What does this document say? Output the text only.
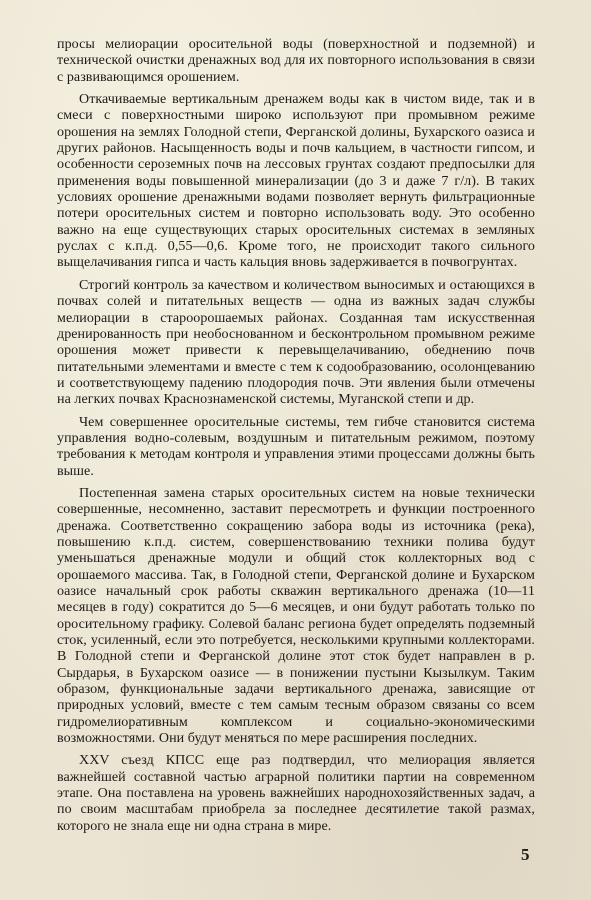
просы мелиорации оросительной воды (поверхностной и подземной) и технической очистки дренажных вод для их повторного использования в связи с развивающимся орошением.

Откачиваемые вертикальным дренажем воды как в чистом виде, так и в смеси с поверхностными широко используют при промывном режиме орошения на землях Голодной степи, Ферганской долины, Бухарского оазиса и других районов. Насыщенность воды и почв кальцием, в частности гипсом, и особенности сероземных почв на лессовых грунтах создают предпосылки для применения воды повышенной минерализации (до 3 и даже 7 г/л). В таких условиях орошение дренажными водами позволяет вернуть фильтрационные потери оросительных систем и повторно использовать воду. Это особенно важно на еще существующих старых оросительных системах в земляных руслах с к.п.д. 0,55—0,6. Кроме того, не происходит такого сильного выщелачивания гипса и часть кальция вновь задерживается в почвогрунтах.

Строгий контроль за качеством и количеством выносимых и остающихся в почвах солей и питательных веществ — одна из важных задач службы мелиорации в староорошаемых районах. Созданная там искусственная дренированность при необоснованном и бесконтрольном промывном режиме орошения может привести к перевыщелачиванию, обеднению почв питательными элементами и вместе с тем к содообразованию, осолонцеванию и соответствующему падению плодородия почв. Эти явления были отмечены на легких почвах Краснознаменской системы, Муганской степи и др.

Чем совершеннее оросительные системы, тем гибче становится система управления водно-солевым, воздушным и питательным режимом, поэтому требования к методам контроля и управления этими процессами должны быть выше.

Постепенная замена старых оросительных систем на новые технически совершенные, несомненно, заставит пересмотреть и функции построенного дренажа. Соответственно сокращению забора воды из источника (река), повышению к.п.д. систем, совершенствованию техники полива будут уменьшаться дренажные модули и общий сток коллекторных вод с орошаемого массива. Так, в Голодной степи, Ферганской долине и Бухарском оазисе начальный срок работы скважин вертикального дренажа (10—11 месяцев в году) сократится до 5—6 месяцев, и они будут работать только по оросительному графику. Солевой баланс региона будет определять подземный сток, усиленный, если это потребуется, несколькими крупными коллекторами. В Голодной степи и Ферганской долине этот сток будет направлен в р. Сырдарья, в Бухарском оазисе — в понижении пустыни Кызылкум. Таким образом, функциональные задачи вертикального дренажа, зависящие от природных условий, вместе с тем самым тесным образом связаны со всем гидромелиоративным комплексом и социально-экономическими возможностями. Они будут меняться по мере расширения последних.

XXV съезд КПСС еще раз подтвердил, что мелиорация является важнейшей составной частью аграрной политики партии на современном этапе. Она поставлена на уровень важнейших народнохозяйственных задач, а по своим масштабам приобрела за последнее десятилетие такой размах, которого не знала еще ни одна страна в мире.

5
